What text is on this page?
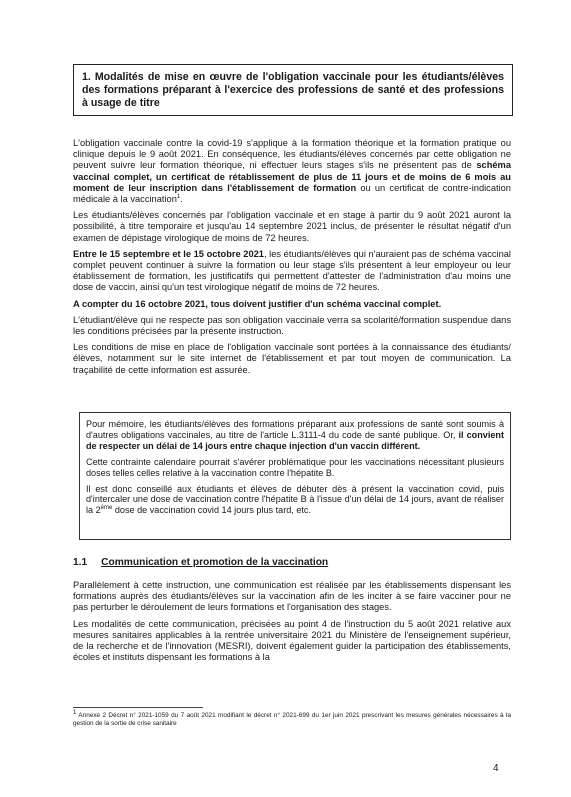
1. Modalités de mise en œuvre de l'obligation vaccinale pour les étudiants/élèves des formations préparant à l'exercice des professions de santé et des professions à usage de titre

L'obligation vaccinale contre la covid-19 s'applique à la formation théorique et la formation pratique ou clinique depuis le 9 août 2021. En conséquence, les étudiants/élèves concernés par cette obligation ne peuvent suivre leur formation théorique, ni effectuer leurs stages s'ils ne présentent pas de schéma vaccinal complet, un certificat de rétablissement de plus de 11 jours et de moins de 6 mois au moment de leur inscription dans l'établissement de formation ou un certificat de contre-indication médicale à la vaccination$^1$.

Les étudiants/élèves concernés par l'obligation vaccinale et en stage à partir du 9 août 2021 auront la possibilité, à titre temporaire et jusqu'au 14 septembre 2021 inclus, de présenter le résultat négatif d'un examen de dépistage virologique de moins de 72 heures.

Entre le 15 septembre et le 15 octobre 2021, les étudiants/élèves qui n'auraient pas de schéma vaccinal complet peuvent continuer à suivre la formation ou leur stage s'ils présentent à leur employeur ou leur établissement de formation, les justificatifs qui permettent d'attester de l'administration d'au moins une dose de vaccin, ainsi qu'un test virologique négatif de moins de 72 heures.

A compter du 16 octobre 2021, tous doivent justifier d'un schéma vaccinal complet.

L'étudiant/élève qui ne respecte pas son obligation vaccinale verra sa scolarité/formation suspendue dans les conditions précisées par la présente instruction.

Les conditions de mise en place de l'obligation vaccinale sont portées à la connaissance des étudiants/élèves, notamment sur le site internet de l'établissement et par tout moyen de communication. La traçabilité de cette information est assurée.

Pour mémoire, les étudiants/élèves des formations préparant aux professions de santé sont soumis à d'autres obligations vaccinales, au titre de l'article L.3111-4 du code de santé publique. Or, il convient de respecter un délai de 14 jours entre chaque injection d'un vaccin différent.

Cette contrainte calendaire pourrait s'avérer problématique pour les vaccinations nécessitant plusieurs doses telles celles relative à la vaccination contre l'hépatite B.

Il est donc conseillé aux étudiants et élèves de débuter dès à présent la vaccination covid, puis d'intercaler une dose de vaccination contre l'hépatite B à l'issue d'un délai de 14 jours, avant de réaliser la 2ème dose de vaccination covid 14 jours plus tard, etc.

1.1 Communication et promotion de la vaccination

Parallèlement à cette instruction, une communication est réalisée par les établissements dispensant les formations auprès des étudiants/élèves sur la vaccination afin de les inciter à se faire vacciner pour ne pas perturber le déroulement de leurs formations et l'organisation des stages.

Les modalités de cette communication, précisées au point 4 de l'instruction du 5 août 2021 relative aux mesures sanitaires applicables à la rentrée universitaire 2021 du Ministère de l'enseignement supérieur, de la recherche et de l'innovation (MESRI), doivent également guider la participation des établissements, écoles et instituts dispensant les formations à la

$^1$ Annexe 2 Décret n° 2021-1059 du 7 août 2021 modifiant le décret n° 2021-699 du 1er juin 2021 prescrivant les mesures générales nécessaires à la gestion de la sortie de crise sanitaire
4
